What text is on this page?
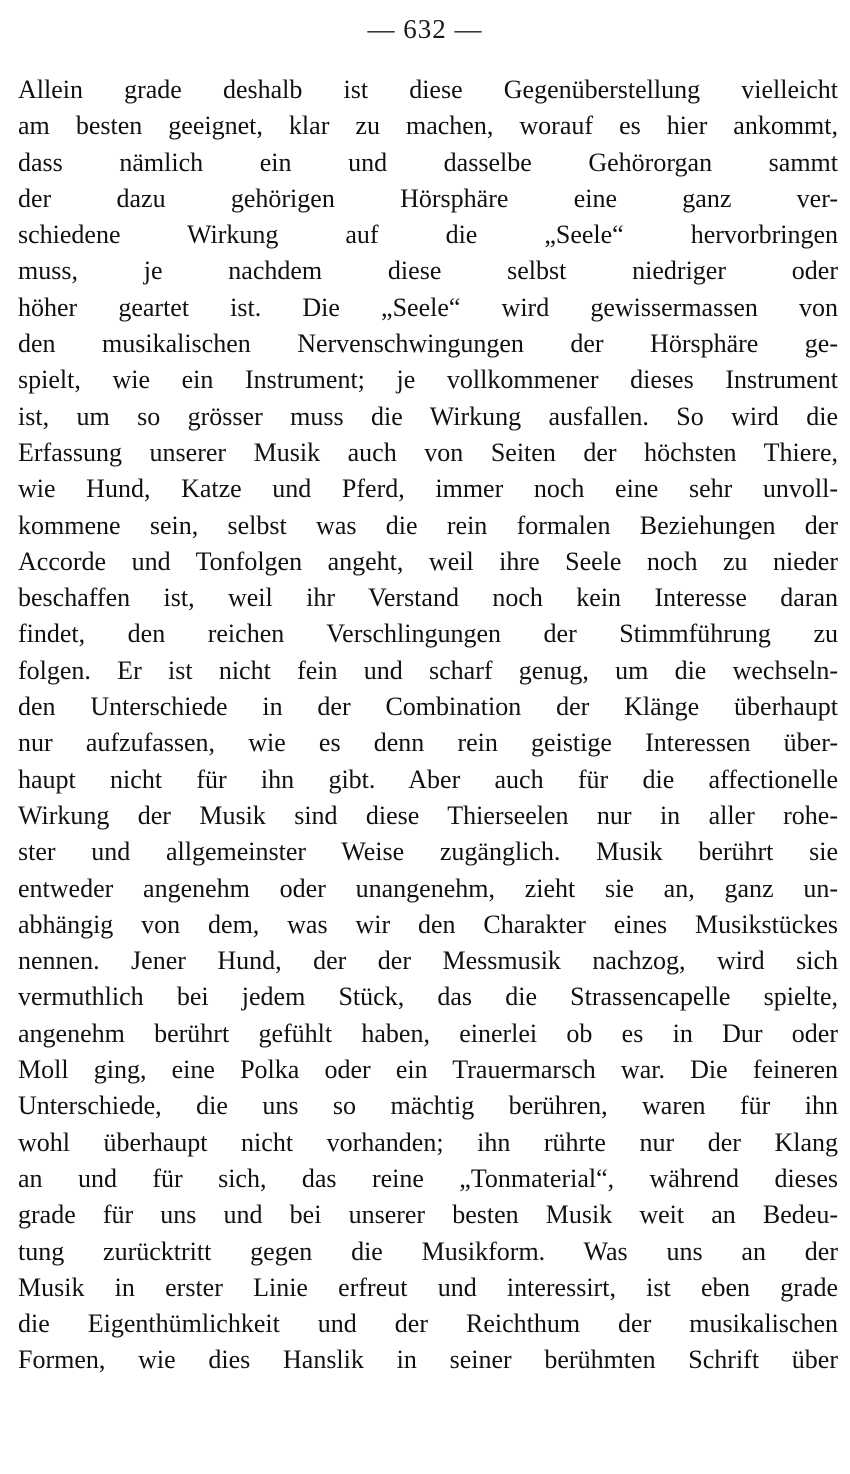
— 632 —
Allein grade deshalb ist diese Gegenüberstellung vielleicht
am besten geeignet, klar zu machen, worauf es hier ankommt,
dass nämlich ein und dasselbe Gehörorgan sammt
der dazu gehörigen Hörsphäre eine ganz ver-
schiedene Wirkung auf die „Seele“ hervorbringen
muss, je nachdem diese selbst niedriger oder
höher geartet ist. Die „Seele“ wird gewissermassen von
den musikalischen Nervenschwingungen der Hörsphäre ge-
spielt, wie ein Instrument; je vollkommener dieses Instrument
ist, um so grösser muss die Wirkung ausfallen. So wird die
Erfassung unserer Musik auch von Seiten der höchsten Thiere,
wie Hund, Katze und Pferd, immer noch eine sehr unvoll-
kommene sein, selbst was die rein formalen Beziehungen der
Accorde und Tonfolgen angeht, weil ihre Seele noch zu nieder
beschaffen ist, weil ihr Verstand noch kein Interesse daran
findet, den reichen Verschlingungen der Stimmführung zu
folgen. Er ist nicht fein und scharf genug, um die wechseln-
den Unterschiede in der Combination der Klänge überhaupt
nur aufzufassen, wie es denn rein geistige Interessen über-
haupt nicht für ihn gibt. Aber auch für die affectionelle
Wirkung der Musik sind diese Thierseelen nur in aller rohe-
ster und allgemeinster Weise zugänglich. Musik berührt sie
entweder angenehm oder unangenehm, zieht sie an, ganz un-
abhängig von dem, was wir den Charakter eines Musikstückes
nennen. Jener Hund, der der Messmusik nachzog, wird sich
vermuthlich bei jedem Stück, das die Strassencapelle spielte,
angenehm berührt gefühlt haben, einerlei ob es in Dur oder
Moll ging, eine Polka oder ein Trauermarsch war. Die feineren
Unterschiede, die uns so mächtig berühren, waren für ihn
wohl überhaupt nicht vorhanden; ihn rührte nur der Klang
an und für sich, das reine „Tonmaterial“, während dieses
grade für uns und bei unserer besten Musik weit an Bedeu-
tung zurücktritt gegen die Musikform. Was uns an der
Musik in erster Linie erfreut und interessirt, ist eben grade
die Eigenthümlichkeit und der Reichthum der musikalischen
Formen, wie dies Hanslik in seiner berühmten Schrift über
